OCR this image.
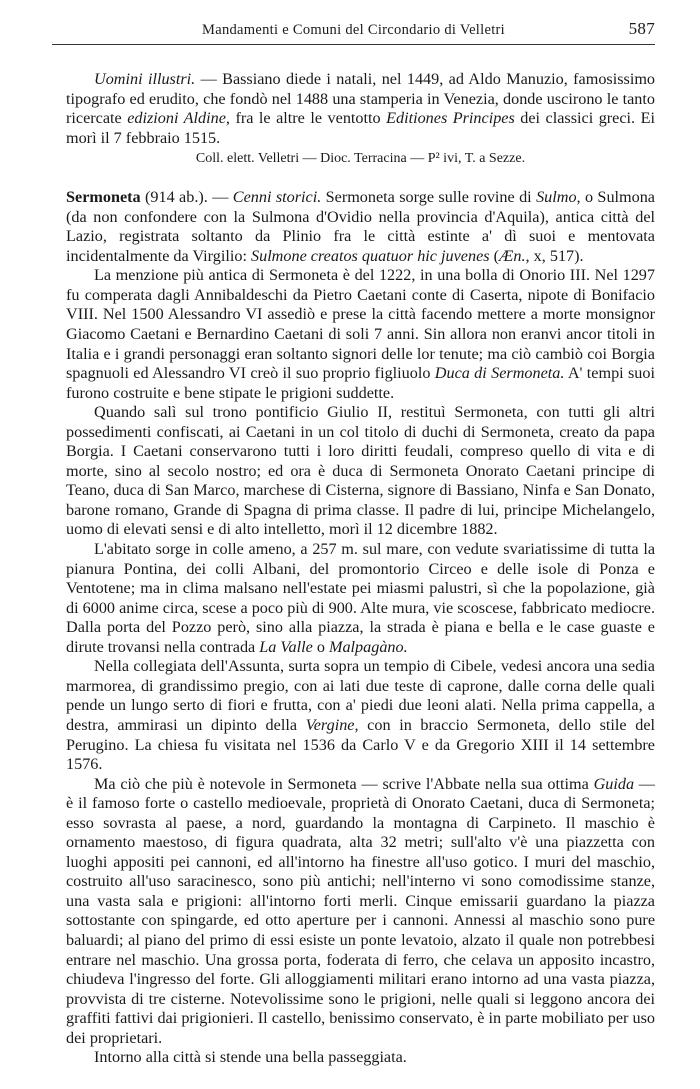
Mandamenti e Comuni del Circondario di Velletri	587

Uomini illustri. — Bassiano diede i natali, nel 1449, ad Aldo Manuzio, famosissimo tipografo ed erudito, che fondò nel 1488 una stamperia in Venezia, donde uscirono le tanto ricercate edizioni Aldine, fra le altre le ventotto Editiones Principes dei classici greci. Ei morì il 7 febbraio 1515.

Coll. elett. Velletri — Dioc. Terracina — P² ivi, T. a Sezze.

Sermoneta (914 ab.). — Cenni storici. Sermoneta sorge sulle rovine di Sulmo, o Sulmona (da non confondere con la Sulmona d'Ovidio nella provincia d'Aquila), antica città del Lazio, registrata soltanto da Plinio fra le città estinte a' dì suoi e mentovata incidentalmente da Virgilio: Sulmone creatos quatuor hic juvenes (Æn., x, 517).

La menzione più antica di Sermoneta è del 1222, in una bolla di Onorio III. Nel 1297 fu comperata dagli Annibaldeschi da Pietro Caetani conte di Caserta, nipote di Bonifacio VIII. Nel 1500 Alessandro VI assediò e prese la città facendo mettere a morte monsignor Giacomo Caetani e Bernardino Caetani di soli 7 anni. Sin allora non eranvi ancor titoli in Italia e i grandi personaggi eran soltanto signori delle lor tenute; ma ciò cambiò coi Borgia spagnuoli ed Alessandro VI creò il suo proprio figliuolo Duca di Sermoneta. A' tempi suoi furono costruite e bene stipate le prigioni suddette.

Quando salì sul trono pontificio Giulio II, restituì Sermoneta, con tutti gli altri possedimenti confiscati, ai Caetani in un col titolo di duchi di Sermoneta, creato da papa Borgia. I Caetani conservarono tutti i loro diritti feudali, compreso quello di vita e di morte, sino al secolo nostro; ed ora è duca di Sermoneta Onorato Caetani principe di Teano, duca di San Marco, marchese di Cisterna, signore di Bassiano, Ninfa e San Donato, barone romano, Grande di Spagna di prima classe. Il padre di lui, principe Michelangelo, uomo di elevati sensi e di alto intelletto, morì il 12 dicembre 1882.

L'abitato sorge in colle ameno, a 257 m. sul mare, con vedute svariatissime di tutta la pianura Pontina, dei colli Albani, del promontorio Circeo e delle isole di Ponza e Ventotene; ma in clima malsano nell'estate pei miasmi palustri, sì che la popolazione, già di 6000 anime circa, scese a poco più di 900. Alte mura, vie scoscese, fabbricato mediocre. Dalla porta del Pozzo però, sino alla piazza, la strada è piana e bella e le case guaste e dirute trovansi nella contrada La Valle o Malpagàno.

Nella collegiata dell'Assunta, surta sopra un tempio di Cibele, vedesi ancora una sedia marmorea, di grandissimo pregio, con ai lati due teste di caprone, dalle corna delle quali pende un lungo serto di fiori e frutta, con a' piedi due leoni alati. Nella prima cappella, a destra, ammirasi un dipinto della Vergine, con in braccio Sermoneta, dello stile del Perugino. La chiesa fu visitata nel 1536 da Carlo V e da Gregorio XIII il 14 settembre 1576.

Ma ciò che più è notevole in Sermoneta — scrive l'Abbate nella sua ottima Guida — è il famoso forte o castello medioevale, proprietà di Onorato Caetani, duca di Sermoneta; esso sovrasta al paese, a nord, guardando la montagna di Carpineto. Il maschio è ornamento maestoso, di figura quadrata, alta 32 metri; sull'alto v'è una piazzetta con luoghi appositi pei cannoni, ed all'intorno ha finestre all'uso gotico. I muri del maschio, costruito all'uso saracinesco, sono più antichi; nell'interno vi sono comodissime stanze, una vasta sala e prigioni: all'intorno forti merli. Cinque emissarii guardano la piazza sottostante con spingarde, ed otto aperture per i cannoni. Annessi al maschio sono pure baluardi; al piano del primo di essi esiste un ponte levatoio, alzato il quale non potrebbesi entrare nel maschio. Una grossa porta, foderata di ferro, che celava un apposito incastro, chiudeva l'ingresso del forte. Gli alloggiamenti militari erano intorno ad una vasta piazza, provvista di tre cisterne. Notevolissime sono le prigioni, nelle quali si leggono ancora dei graffiti fattivi dai prigionieri. Il castello, benissimo conservato, è in parte mobiliato per uso dei proprietari.

Intorno alla città si stende una bella passeggiata.
